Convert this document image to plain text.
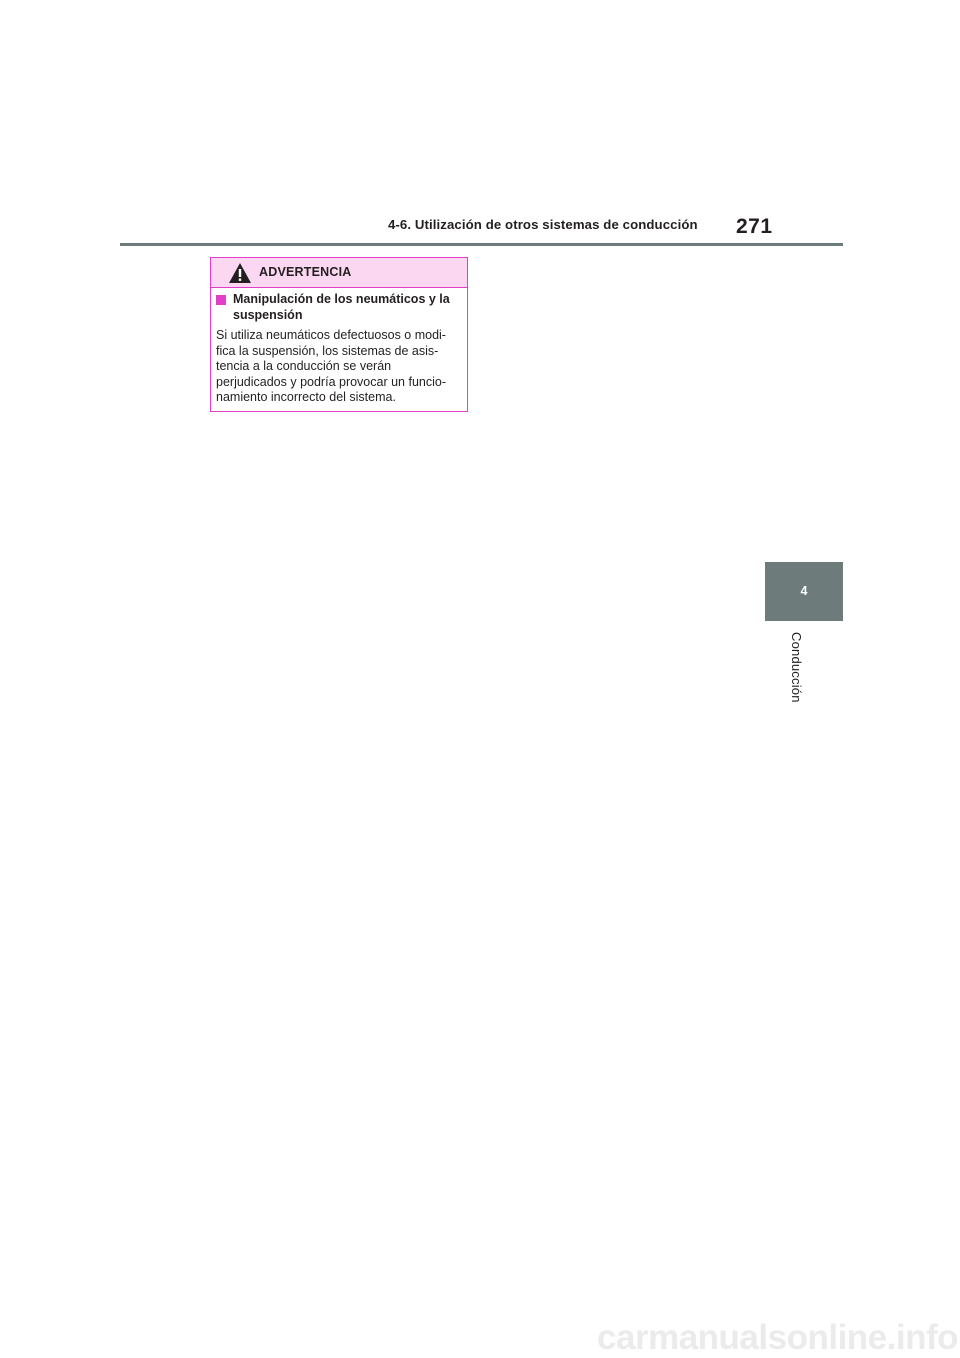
4-6. Utilización de otros sistemas de conducción 271
ADVERTENCIA
Manipulación de los neumáticos y la suspensión
Si utiliza neumáticos defectuosos o modi-
fica la suspensión, los sistemas de asis-
tencia a la conducción se verán
perjudicados y podría provocar un funcio-
namiento incorrecto del sistema.
4
Conducción
carmanualsonline.info
